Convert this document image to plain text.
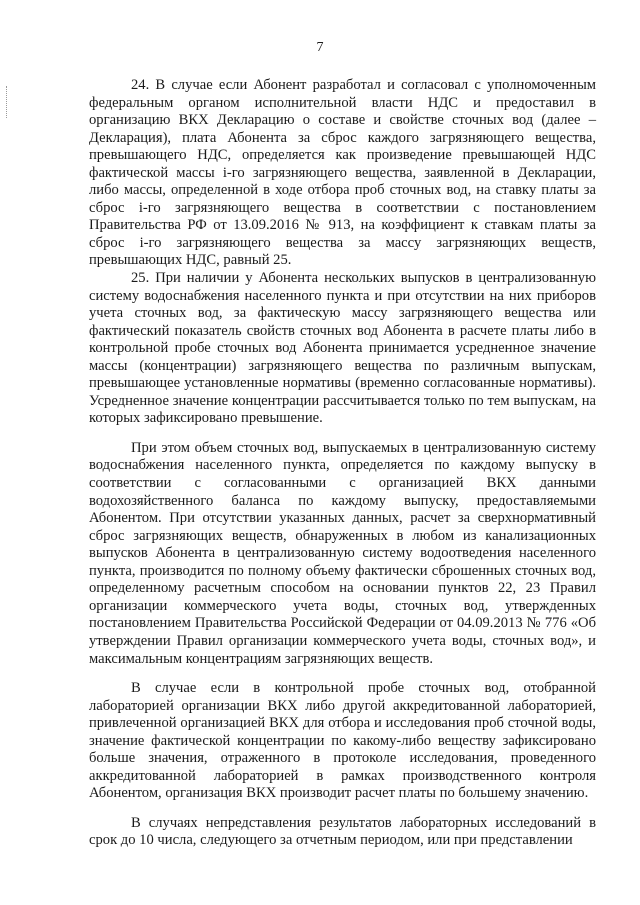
7

24. В случае если Абонент разработал и согласовал с уполномоченным федеральным органом исполнительной власти НДС и предоставил в организацию ВКХ Декларацию о составе и свойстве сточных вод (далее – Декларация), плата Абонента за сброс каждого загрязняющего вещества, превышающего НДС, определяется как произведение превышающей НДС фактической массы i-го загрязняющего вещества, заявленной в Декларации, либо массы, определенной в ходе отбора проб сточных вод, на ставку платы за сброс i-го загрязняющего вещества в соответствии с постановлением Правительства РФ от 13.09.2016 № 913, на коэффициент к ставкам платы за сброс i-го загрязняющего вещества за массу загрязняющих веществ, превышающих НДС, равный 25.

25. При наличии у Абонента нескольких выпусков в централизованную систему водоснабжения населенного пункта и при отсутствии на них приборов учета сточных вод, за фактическую массу загрязняющего вещества или фактический показатель свойств сточных вод Абонента в расчете платы либо в контрольной пробе сточных вод Абонента принимается усредненное значение массы (концентрации) загрязняющего вещества по различным выпускам, превышающее установленные нормативы (временно согласованные нормативы). Усредненное значение концентрации рассчитывается только по тем выпускам, на которых зафиксировано превышение.

При этом объем сточных вод, выпускаемых в централизованную систему водоснабжения населенного пункта, определяется по каждому выпуску в соответствии с согласованными с организацией ВКХ данными водохозяйственного баланса по каждому выпуску, предоставляемыми Абонентом. При отсутствии указанных данных, расчет за сверхнормативный сброс загрязняющих веществ, обнаруженных в любом из канализационных выпусков Абонента в централизованную систему водоотведения населенного пункта, производится по полному объему фактически сброшенных сточных вод, определенному расчетным способом на основании пунктов 22, 23 Правил организации коммерческого учета воды, сточных вод, утвержденных постановлением Правительства Российской Федерации от 04.09.2013 № 776 «Об утверждении Правил организации коммерческого учета воды, сточных вод», и максимальным концентрациям загрязняющих веществ.

В случае если в контрольной пробе сточных вод, отобранной лабораторией организации ВКХ либо другой аккредитованной лабораторией, привлеченной организацией ВКХ для отбора и исследования проб сточной воды, значение фактической концентрации по какому-либо веществу зафиксировано больше значения, отраженного в протоколе исследования, проведенного аккредитованной лабораторией в рамках производственного контроля Абонентом, организация ВКХ производит расчет платы по большему значению.

В случаях непредставления результатов лабораторных исследований в срок до 10 числа, следующего за отчетным периодом, или при представлении
